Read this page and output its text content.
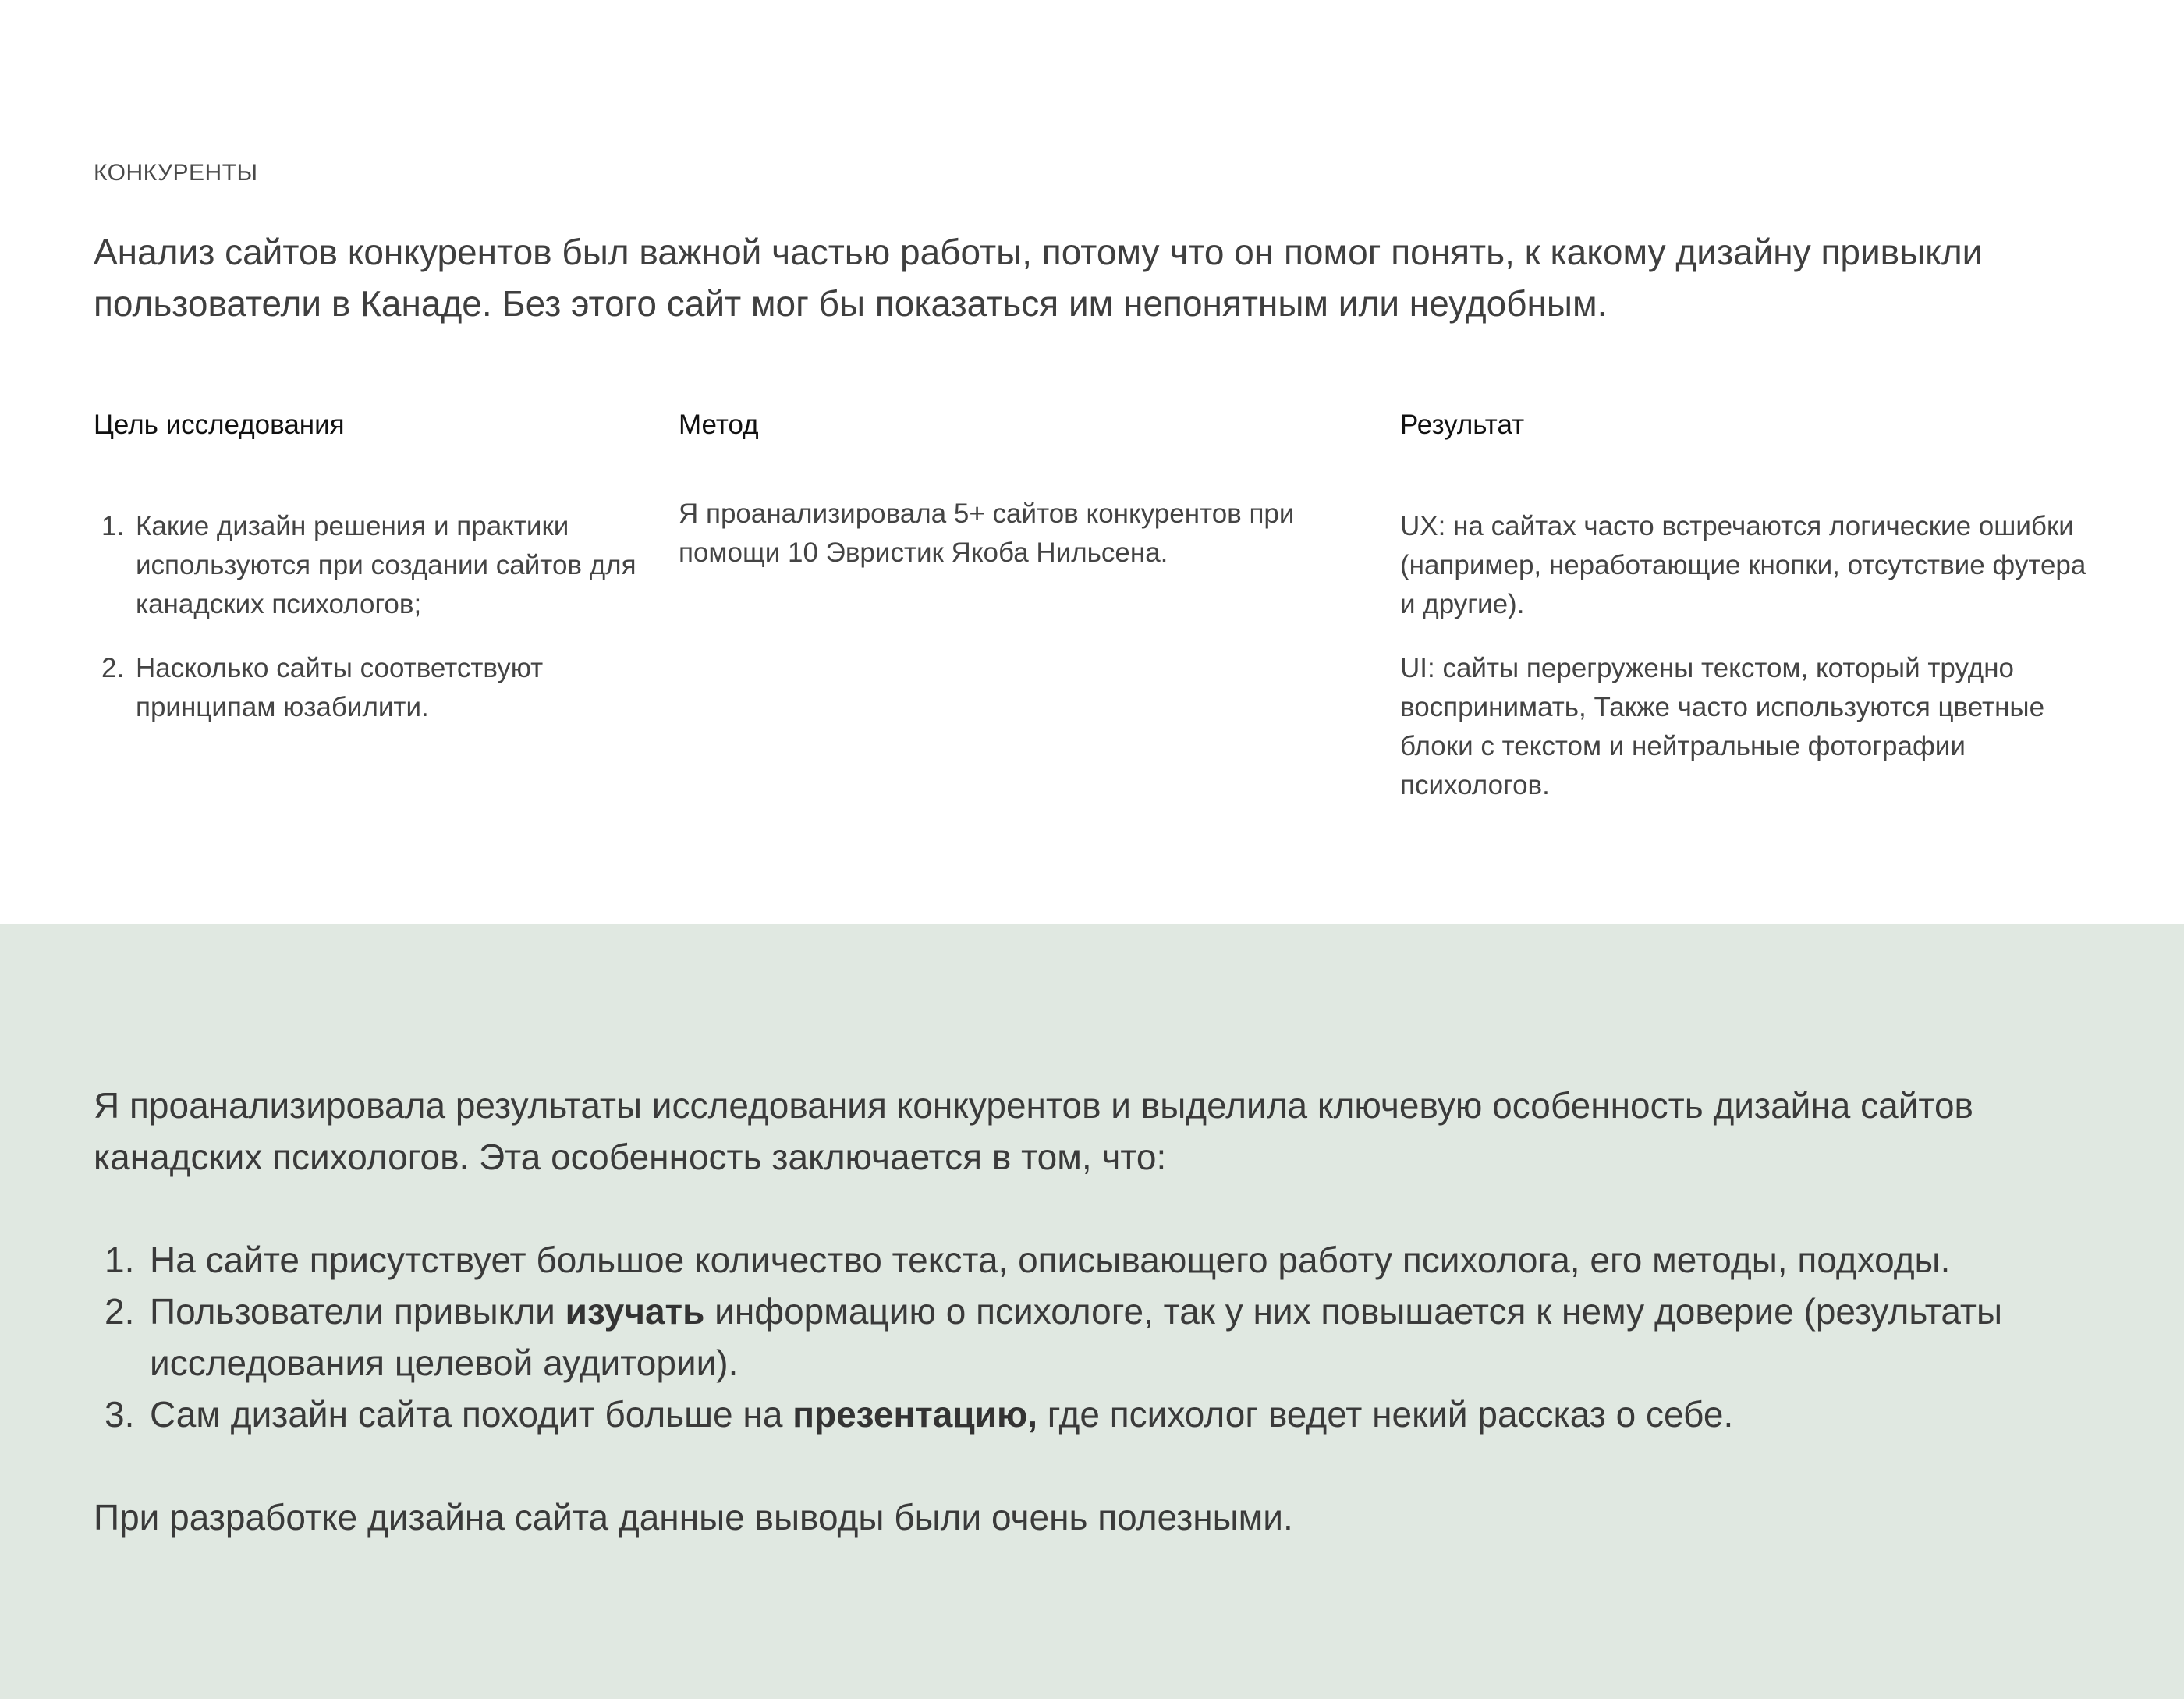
КОНКУРЕНТЫ

Анализ сайтов конкурентов был важной частью работы, потому что он помог понять, к какому дизайну привыкли пользователи в Канаде. Без этого сайт мог бы показаться им непонятным или неудобным.

Цель исследования
1. Какие дизайн решения и практики используются при создании сайтов для канадских психологов;
2. Насколько сайты соответствуют принципам юзабилити.
Метод

Я проанализировала 5+ сайтов конкурентов при помощи 10 Эвристик Якоба Нильсена.

Результат

UX: на сайтах часто встречаются логические ошибки (например, неработающие кнопки, отсутствие футера и другие).

UI: сайты перегружены текстом, который трудно воспринимать, Также часто используются цветные блоки с текстом и нейтральные фотографии психологов.

Я проанализировала результаты исследования конкурентов и выделила ключевую особенность дизайна сайтов канадских психологов. Эта особенность заключается в том, что:

1. На сайте присутствует большое количество текста, описывающего работу психолога, его методы, подходы.
2. Пользователи привыкли изучать информацию о психологе, так у них повышается к нему доверие (результаты исследования целевой аудитории).
3. Сам дизайн сайта походит больше на презентацию, где психолог ведет некий рассказ о себе.

При разработке дизайна сайта данные выводы были очень полезными.
